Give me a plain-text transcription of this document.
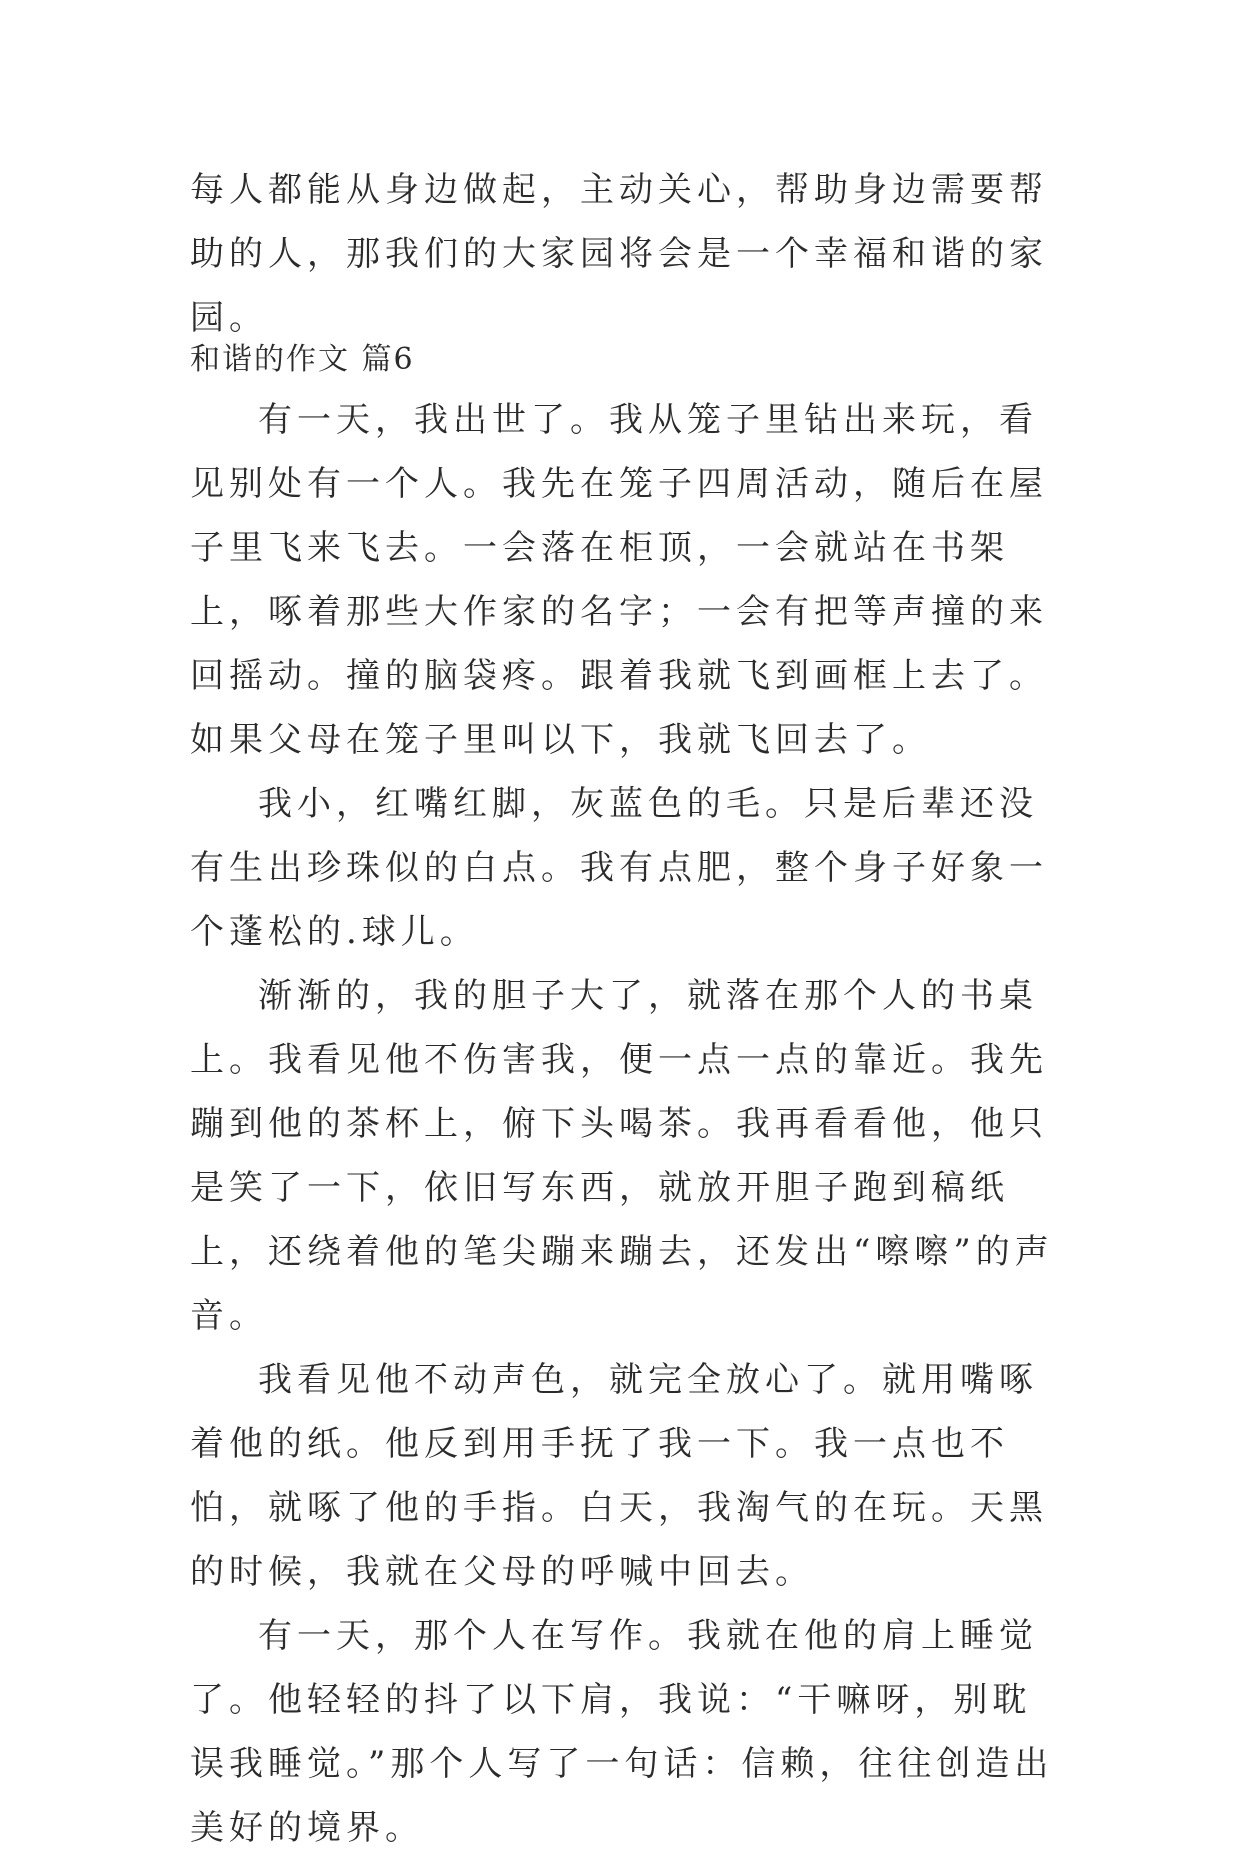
每人都能从身边做起，主动关心，帮助身边需要帮助的人，那我们的大家园将会是一个幸福和谐的家园。

和谐的作文 篇6

有一天，我出世了。我从笼子里钻出来玩，看见别处有一个人。我先在笼子四周活动，随后在屋子里飞来飞去。一会落在柜顶，一会就站在书架上，啄着那些大作家的名字；一会有把等声撞的来回摇动。撞的脑袋疼。跟着我就飞到画框上去了。如果父母在笼子里叫以下，我就飞回去了。

我小，红嘴红脚，灰蓝色的毛。只是后辈还没有生出珍珠似的白点。我有点肥，整个身子好象一个蓬松的.球儿。

渐渐的，我的胆子大了，就落在那个人的书桌上。我看见他不伤害我，便一点一点的靠近。我先蹦到他的茶杯上，俯下头喝茶。我再看看他，他只是笑了一下，依旧写东西，就放开胆子跑到稿纸上，还绕着他的笔尖蹦来蹦去，还发出“嚓嚓”的声音。

我看见他不动声色，就完全放心了。就用嘴啄着他的纸。他反到用手抚了我一下。我一点也不怕，就啄了他的手指。白天，我淘气的在玩。天黑的时候，我就在父母的呼喊中回去。

有一天，那个人在写作。我就在他的肩上睡觉了。他轻轻的抖了以下肩，我说：“干嘛呀，别耽误我睡觉。”那个人写了一句话：信赖，往往创造出美好的境界。
